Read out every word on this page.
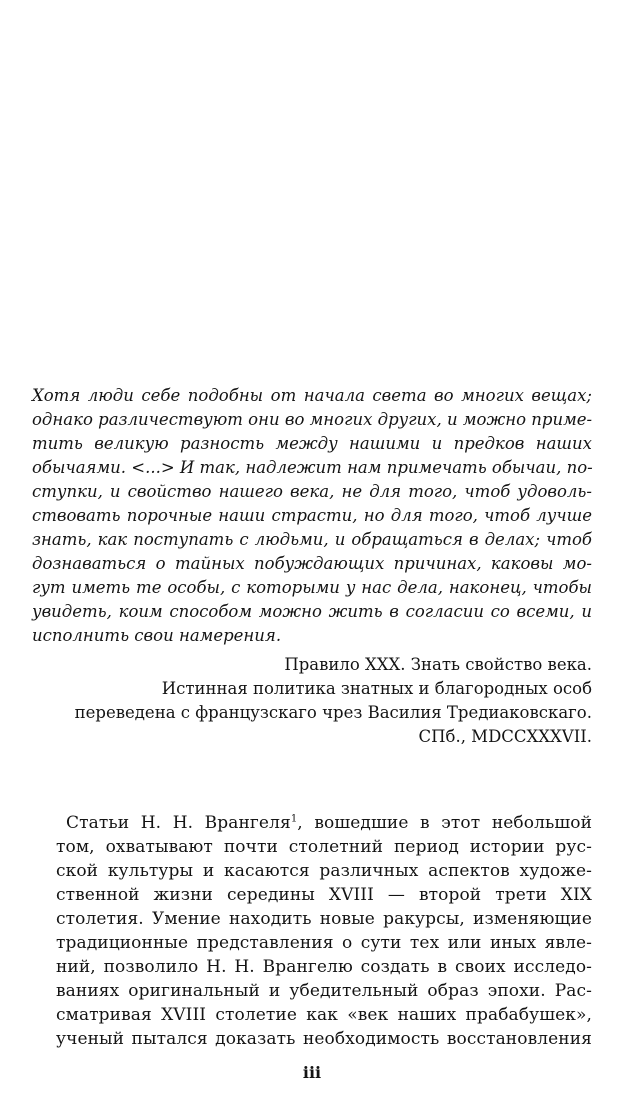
Хотя люди себе подобны от начала света во многих вещах;
однако различествуют они во многих других, и можно приме-
тить великую разность между нашими и предков наших
обычаями. <...> И так, надлежит нам примечать обычаи, по-
ступки, и свойство нашего века, не для того, чтоб удоволь-
ствовать порочные наши страсти, но для того, чтоб лучше
знать, как поступать с людьми, и обращаться в делах; чтоб
дознаваться о тайных побуждающих причинах, каковы мо-
гут иметь те особы, с которыми у нас дела, наконец, чтобы
увидеть, коим способом можно жить в согласии со всеми, и
исполнить свои намерения.
Правило XXX. Знать свойство века.
Истинная политика знатных и благородных особ
переведена с французскаго чрез Василия Тредиаковскаго.
СПб., MDCCXXXVII.
Статьи Н. Н. Врангеля$^1$, вошедшие в этот небольшой
том, охватывают почти столетний период истории рус-
ской культуры и касаются различных аспектов художе-
ственной жизни середины XVIII — второй трети XIX
столетия. Умение находить новые ракурсы, изменяющие
традиционные представления о сути тех или иных явле-
ний, позволило Н. Н. Врангелю создать в своих исследо-
ваниях оригинальный и убедительный образ эпохи. Рас-
сматривая XVIII столетие как «век наших прабабушек»,
ученый пытался доказать необходимость восстановления
iii
